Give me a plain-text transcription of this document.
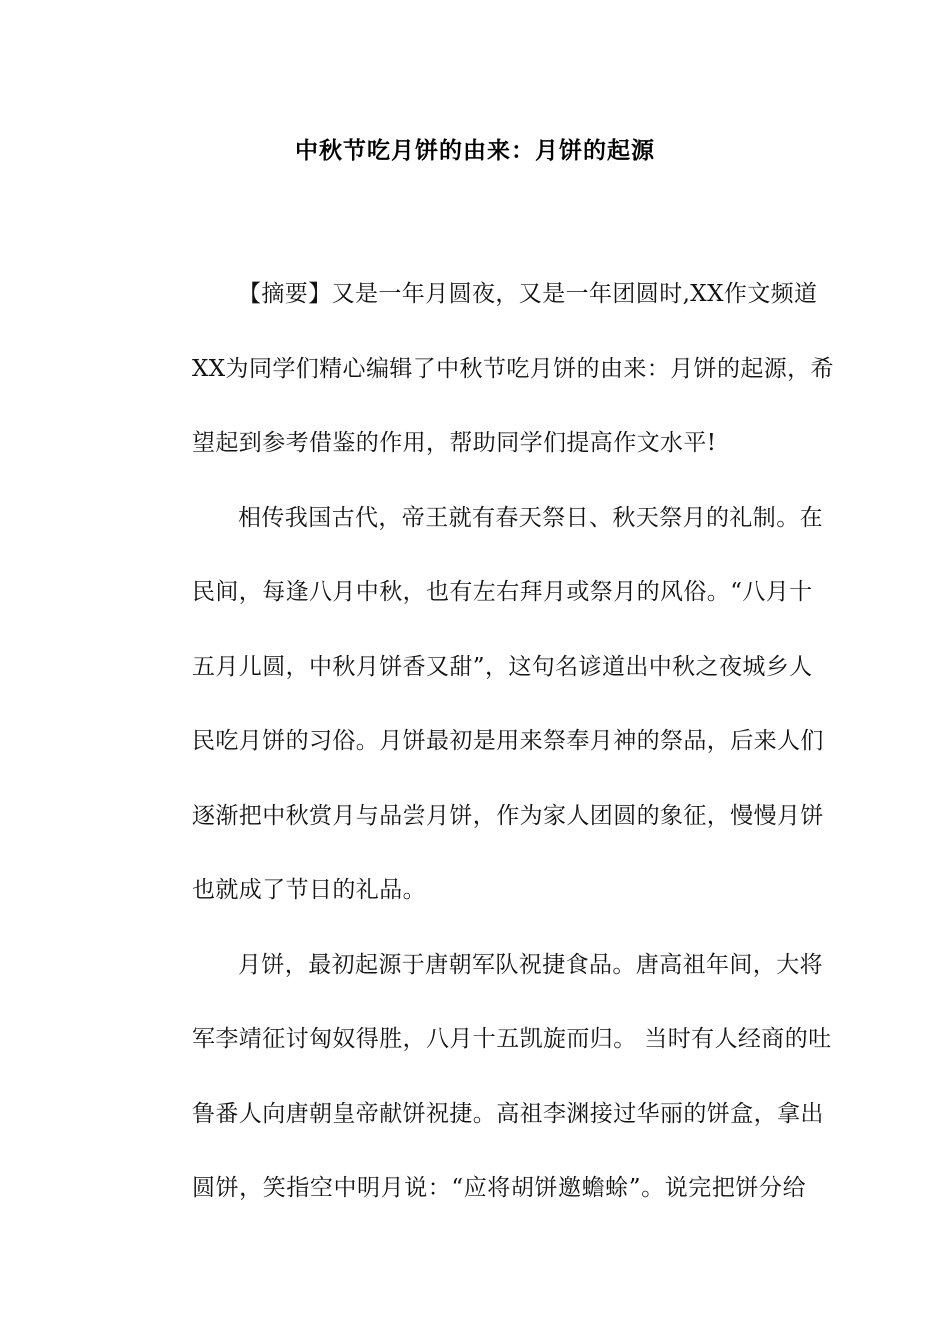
中秋节吃月饼的由来：月饼的起源
【摘要】又是一年月圆夜，又是一年团圆时,XX作文频道
XX为同学们精心编辑了中秋节吃月饼的由来：月饼的起源，希
望起到参考借鉴的作用，帮助同学们提高作文水平!
相传我国古代，帝王就有春天祭日、秋天祭月的礼制。在
民间，每逢八月中秋，也有左右拜月或祭月的风俗。“八月十
五月儿圆，中秋月饼香又甜”，这句名谚道出中秋之夜城乡人
民吃月饼的习俗。月饼最初是用来祭奉月神的祭品，后来人们
逐渐把中秋赏月与品尝月饼，作为家人团圆的象征，慢慢月饼
也就成了节日的礼品。
月饼，最初起源于唐朝军队祝捷食品。唐高祖年间，大将
军李靖征讨匈奴得胜，八月十五凯旋而归。 当时有人经商的吐
鲁番人向唐朝皇帝献饼祝捷。高祖李渊接过华丽的饼盒，拿出
圆饼，笑指空中明月说：“应将胡饼邀蟾蜍”。说完把饼分给
